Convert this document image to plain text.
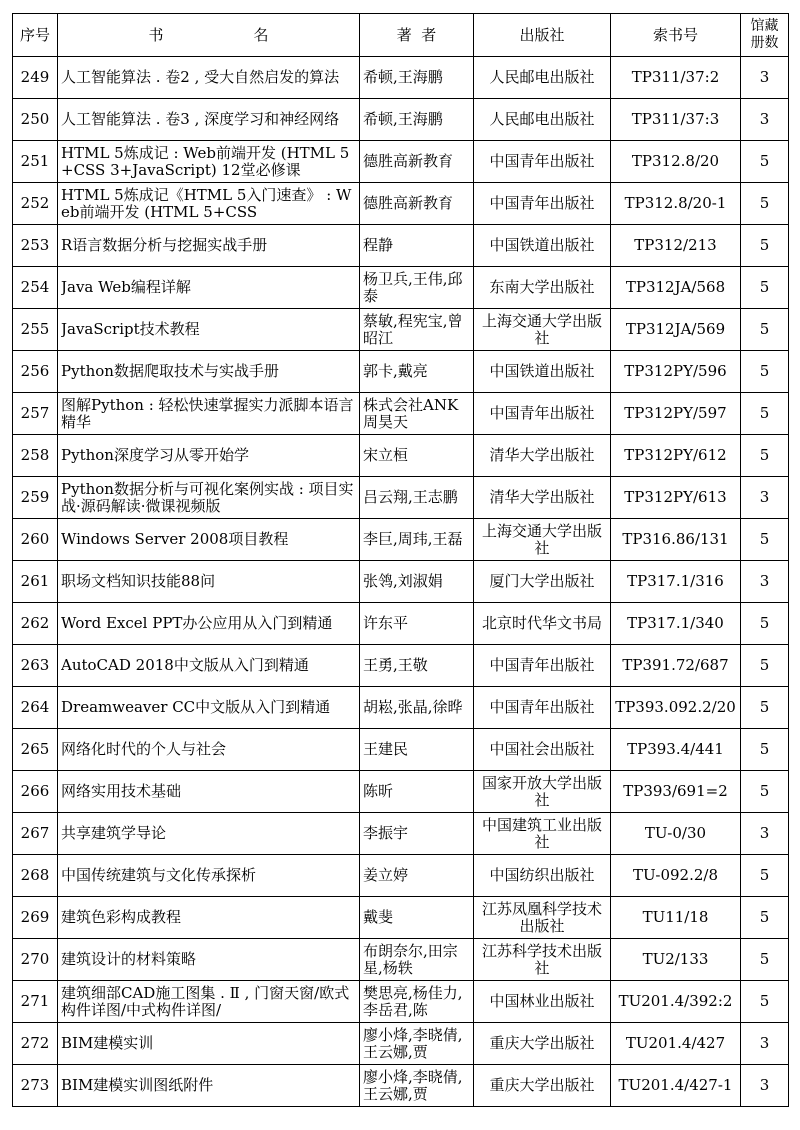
序号	书 名	著  者	出版社	索书号	馆藏
册数

249	人工智能算法 . 卷2 , 受大自然启发的算法	希顿,王海鹏	人民邮电出版社	TP311/37:2	3

250	人工智能算法 . 卷3 , 深度学习和神经网络	希顿,王海鹏	人民邮电出版社	TP311/37:3	3

251	HTML 5炼成记 : Web前端开发 (HTML 5+CSS 3+JavaScript) 12堂必修课	德胜高新教育	中国青年出版社	TP312.8/20	5

252	HTML 5炼成记《HTML 5入门速查》 : Web前端开发 (HTML 5+CSS	德胜高新教育	中国青年出版社	TP312.8/20-1	5

253	R语言数据分析与挖掘实战手册	程静	中国铁道出版社	TP312/213	5

254	Java Web编程详解	杨卫兵,王伟,邱泰	东南大学出版社	TP312JA/568	5

255	JavaScript技术教程	蔡敏,程宪宝,曾昭江	上海交通大学出版社	TP312JA/569	5

256	Python数据爬取技术与实战手册	郭卡,戴亮	中国铁道出版社	TP312PY/596	5

257	图解Python : 轻松快速掌握实力派脚本语言精华	株式会社ANK 周昊天	中国青年出版社	TP312PY/597	5

258	Python深度学习从零开始学	宋立桓	清华大学出版社	TP312PY/612	5

259	Python数据分析与可视化案例实战 : 项目实战·源码解读·微课视频版	吕云翔,王志鹏	清华大学出版社	TP312PY/613	3

260	Windows Server 2008项目教程	李巨,周玮,王磊	上海交通大学出版社	TP316.86/131	5

261	职场文档知识技能88问	张鸰,刘淑娟	厦门大学出版社	TP317.1/316	3

262	Word Excel PPT办公应用从入门到精通	许东平	北京时代华文书局	TP317.1/340	5

263	AutoCAD 2018中文版从入门到精通	王勇,王敬	中国青年出版社	TP391.72/687	5

264	Dreamweaver CC中文版从入门到精通	胡崧,张晶,徐晔	中国青年出版社	TP393.092.2/20	5

265	网络化时代的个人与社会	王建民	中国社会出版社	TP393.4/441	5

266	网络实用技术基础	陈昕	国家开放大学出版社	TP393/691=2	5

267	共享建筑学导论	李振宇	中国建筑工业出版社	TU-0/30	3

268	中国传统建筑与文化传承探析	姜立婷	中国纺织出版社	TU-092.2/8	5

269	建筑色彩构成教程	戴斐	江苏凤凰科学技术出版社	TU11/18	5

270	建筑设计的材料策略	布朗奈尔,田宗星,杨轶	江苏科学技术出版社	TU2/133	5

271	建筑细部CAD施工图集 . Ⅱ , 门窗天窗/欧式构件详图/中式构件详图/	樊思亮,杨佳力,李岳君,陈	中国林业出版社	TU201.4/392:2	5

272	BIM建模实训	廖小烽,李晓倩,王云娜,贾	重庆大学出版社	TU201.4/427	3

273	BIM建模实训图纸附件	廖小烽,李晓倩,王云娜,贾	重庆大学出版社	TU201.4/427-1	3
